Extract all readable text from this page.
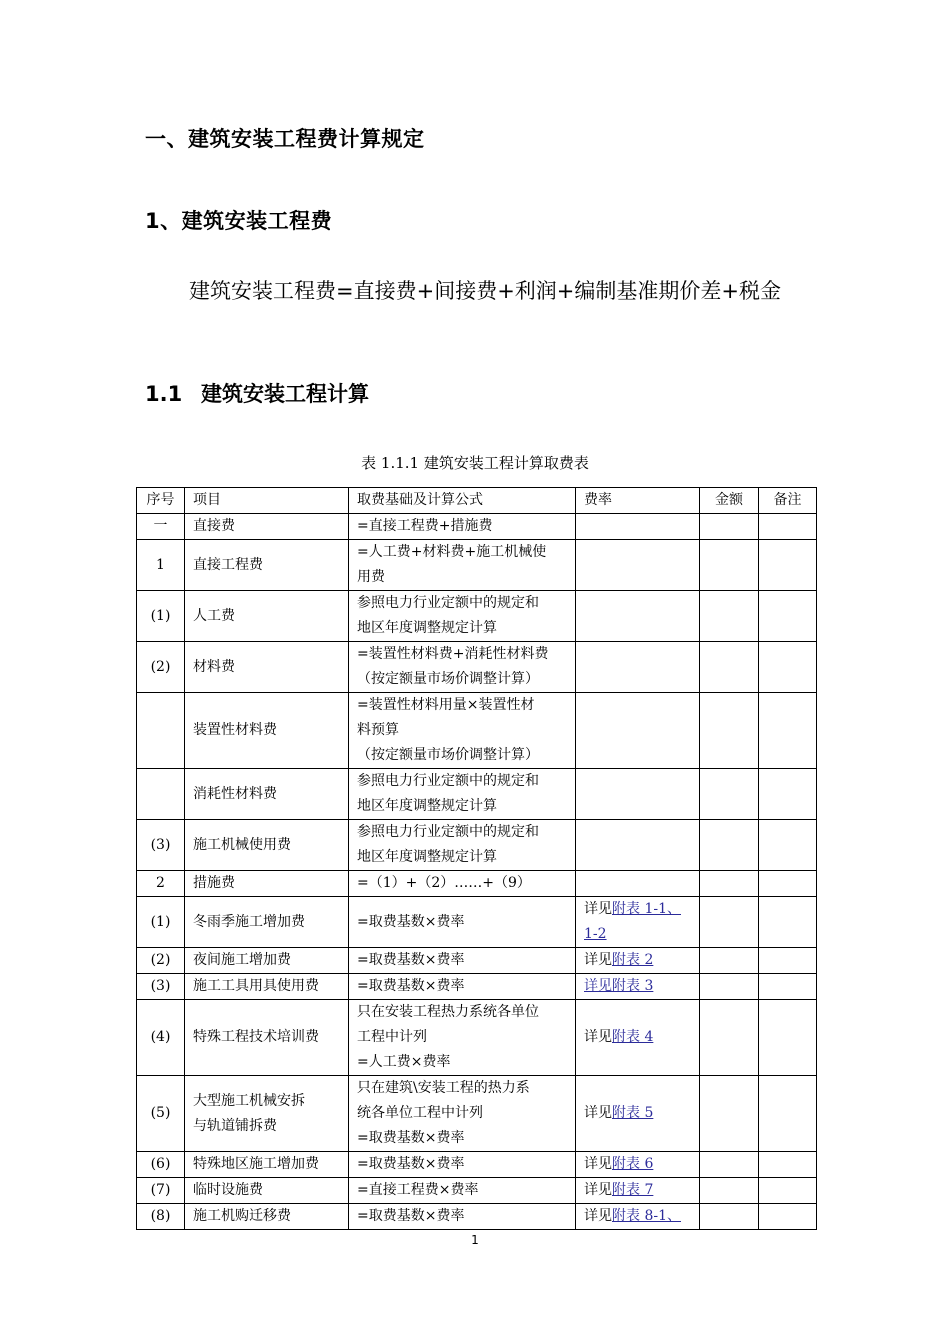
一、建筑安装工程费计算规定
1、建筑安装工程费
建筑安装工程费=直接费+间接费+利润+编制基准期价差+税金
1.1 建筑安装工程计算
表 1.1.1 建筑安装工程计算取费表
序号	项目	取费基础及计算公式	费率	金额	备注
一	直接费	=直接工程费+措施费			
1	直接工程费	=人工费+材料费+施工机械使
用费			
(1)	人工费	参照电力行业定额中的规定和
地区年度调整规定计算			
(2)	材料费	=装置性材料费+消耗性材料费
（按定额量市场价调整计算）			
	装置性材料费	=装置性材料用量×装置性材
料预算
（按定额量市场价调整计算）			
	消耗性材料费	参照电力行业定额中的规定和
地区年度调整规定计算			
(3)	施工机械使用费	参照电力行业定额中的规定和
地区年度调整规定计算			
2	措施费	=（1）+（2）……+（9）			
(1)	冬雨季施工增加费	=取费基数×费率	详见附表 1-1、1-2		
(2)	夜间施工增加费	=取费基数×费率	详见附表 2		
(3)	施工工具用具使用费	=取费基数×费率	详见附表 3		
(4)	特殊工程技术培训费	只在安装工程热力系统各单位
工程中计列
=人工费×费率	详见附表 4		
(5)	大型施工机械安拆
与轨道铺拆费	只在建筑\安装工程的热力系
统各单位工程中计列
=取费基数×费率	详见附表 5		
(6)	特殊地区施工增加费	=取费基数×费率	详见附表 6		
(7)	临时设施费	=直接工程费×费率	详见附表 7		
(8)	施工机购迁移费	=取费基数×费率	详见附表 8-1、		
1
